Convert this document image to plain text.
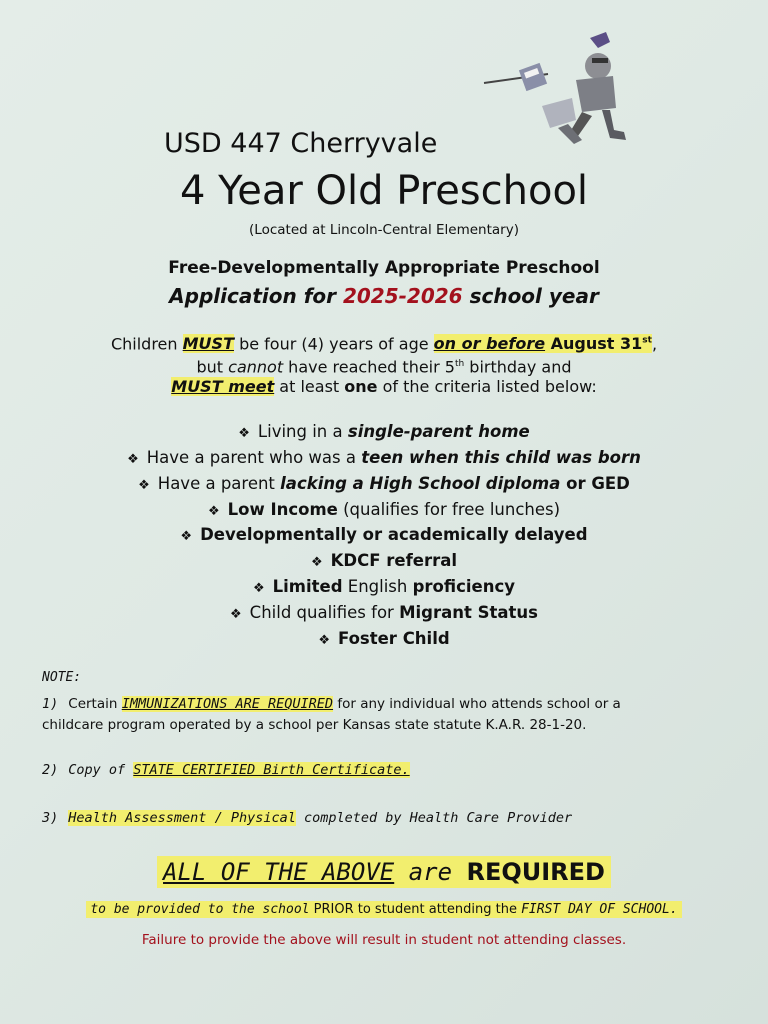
USD 447 Cherryvale
4 Year Old Preschool
(Located at Lincoln-Central Elementary)
Free-Developmentally Appropriate Preschool
Application for 2025-2026 school year
Children MUST be four (4) years of age on or before August 31st,
but cannot have reached their 5th birthday and
MUST meet at least one of the criteria listed below:
❖ Living in a single-parent home
❖ Have a parent who was a teen when this child was born
❖ Have a parent lacking a High School diploma or GED
❖ Low Income (qualifies for free lunches)
❖ Developmentally or academically delayed
❖ KDCF referral
❖ Limited English proficiency
❖ Child qualifies for Migrant Status
❖ Foster Child
NOTE:
1) Certain IMMUNIZATIONS ARE REQUIRED for any individual who attends school or a childcare program operated by a school per Kansas state statute K.A.R. 28-1-20.
2) Copy of STATE CERTIFIED Birth Certificate.
3) Health Assessment / Physical completed by Health Care Provider
ALL OF THE ABOVE are REQUIRED
to be provided to the school PRIOR to student attending the FIRST DAY OF SCHOOL.
Failure to provide the above will result in student not attending classes.
